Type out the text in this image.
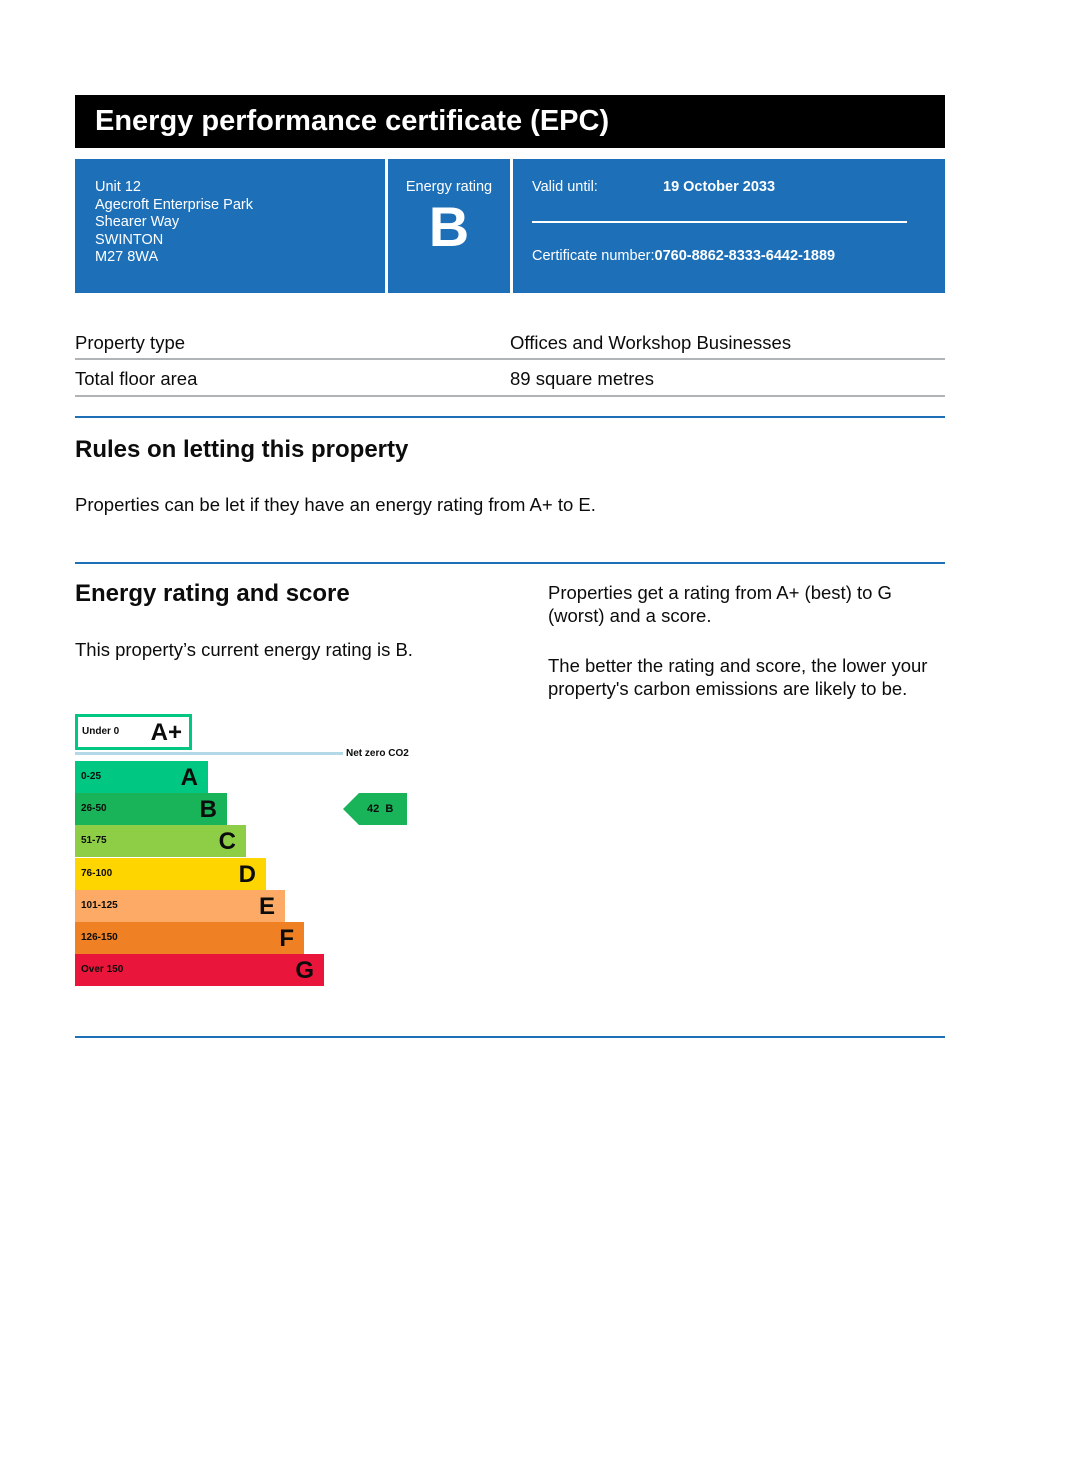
Energy performance certificate (EPC)
Unit 12
Agecroft Enterprise Park
Shearer Way
SWINTON
M27 8WA
Energy rating
B
Valid until:	19 October 2033
Certificate number:0760-8862-8333-6442-1889
Property type	Offices and Workshop Businesses
Total floor area	89 square metres
Rules on letting this property
Properties can be let if they have an energy rating from A+ to E.
Energy rating and score
This property’s current energy rating is B.
Properties get a rating from A+ (best) to G (worst) and a score.
The better the rating and score, the lower your property's carbon emissions are likely to be.
Under 0 A+
Net zero CO2
0-25	A
26-50	B
51-75	C
76-100	D
101-125	E
126-150	F
Over 150	G
42  B
